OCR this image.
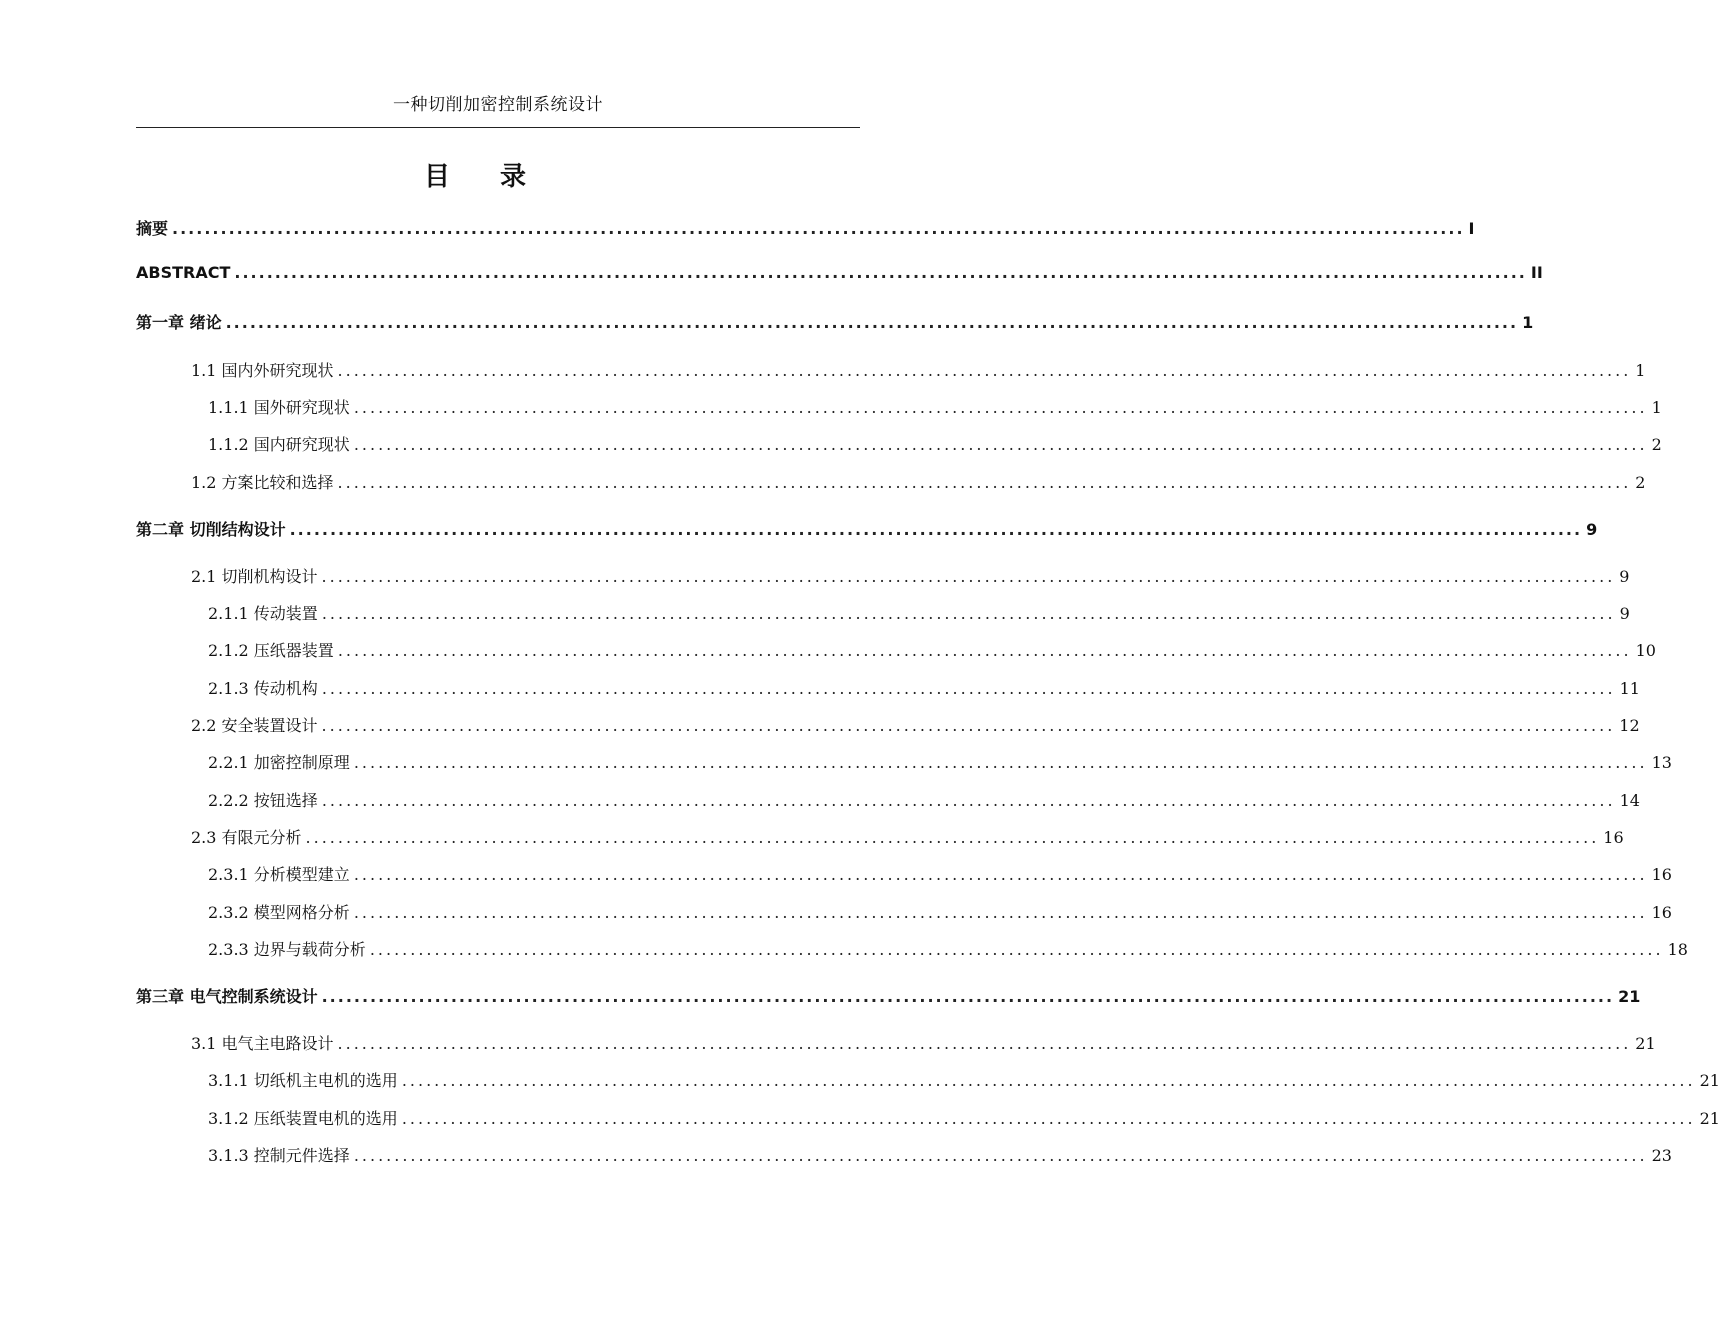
一种切削加密控制系统设计
目 录
摘要 ................................................................................................................................................................ I
ABSTRACT ................................................................................................................................................................ II
第一章 绪论 ................................................................................................................................................................ 1
1.1 国内外研究现状 ................................................................................................................................................................ 1
1.1.1 国外研究现状 ................................................................................................................................................................ 1
1.1.2 国内研究现状 ................................................................................................................................................................ 2
1.2 方案比较和选择 ................................................................................................................................................................ 2
第二章 切削结构设计 ................................................................................................................................................................ 9
2.1 切削机构设计 ................................................................................................................................................................ 9
2.1.1 传动装置 ................................................................................................................................................................ 9
2.1.2 压纸器装置 ................................................................................................................................................................ 10
2.1.3 传动机构 ................................................................................................................................................................ 11
2.2 安全装置设计 ................................................................................................................................................................ 12
2.2.1 加密控制原理 ................................................................................................................................................................ 13
2.2.2 按钮选择 ................................................................................................................................................................ 14
2.3 有限元分析 ................................................................................................................................................................ 16
2.3.1 分析模型建立 ................................................................................................................................................................ 16
2.3.2 模型网格分析 ................................................................................................................................................................ 16
2.3.3 边界与载荷分析 ................................................................................................................................................................ 18
第三章 电气控制系统设计 ................................................................................................................................................................ 21
3.1 电气主电路设计 ................................................................................................................................................................ 21
3.1.1 切纸机主电机的选用 ................................................................................................................................................................ 21
3.1.2 压纸装置电机的选用 ................................................................................................................................................................ 21
3.1.3 控制元件选择 ................................................................................................................................................................ 23
